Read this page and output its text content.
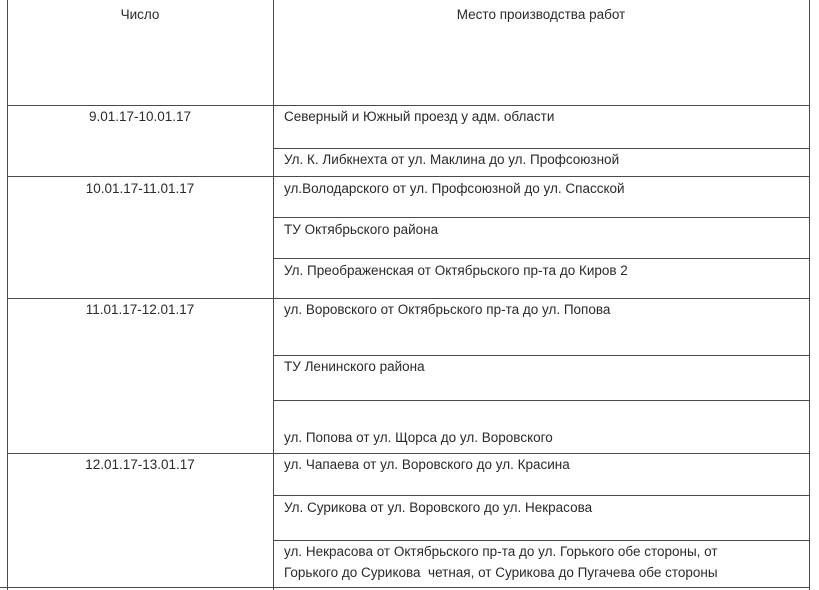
Число	Место производства работ
9.01.17-10.01.17	Северный и Южный проезд у адм. области
Ул. К. Либкнехта от ул. Маклина до ул. Профсоюзной
10.01.17-11.01.17	ул.Володарского от ул. Профсоюзной до ул. Спасской
ТУ Октябрьского района
Ул. Преображенская от Октябрьского пр-та до Киров 2
11.01.17-12.01.17	ул. Воровского от Октябрьского пр-та до ул. Попова
ТУ Ленинского района
ул. Попова от ул. Щорса до ул. Воровского
12.01.17-13.01.17	ул. Чапаева от ул. Воровского до ул. Красина
Ул. Сурикова от ул. Воровского до ул. Некрасова
ул. Некрасова от Октябрьского пр-та до ул. Горького обе стороны, от
Горького до Сурикова  четная, от Сурикова до Пугачева обе стороны
